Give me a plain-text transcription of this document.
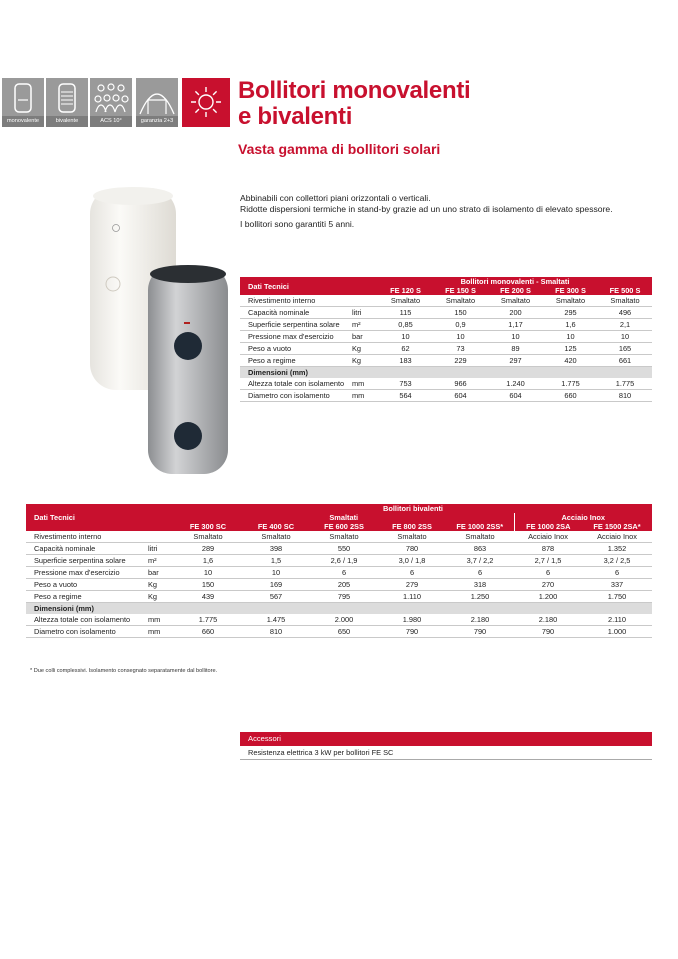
monovalente	bivalente	ACS 10°	garanzia 2+3
Bollitori monovalenti
e bivalenti
Vasta gamma di bollitori solari

Abbinabili con collettori piani orizzontali o verticali.

Ridotte dispersioni termiche in stand-by grazie ad un uno strato di isolamento di elevato spessore.

I bollitori sono garantiti 5 anni.

Dati Tecnici		Bollitori monovalenti - Smaltati				
		FE 120 S	FE 150 S	FE 200 S	FE 300 S	FE 500 S
Rivestimento interno		Smaltato	Smaltato	Smaltato	Smaltato	Smaltato
Capacità nominale	litri	115	150	200	295	496
Superficie serpentina solare	m²	0,85	0,9	1,17	1,6	2,1
Pressione max d'esercizio	bar	10	10	10	10	10
Peso a vuoto	Kg	62	73	89	125	165
Peso a regime	Kg	183	229	297	420	661
Dimensioni (mm)						
Altezza totale con isolamento	mm	753	966	1.240	1.775	1.775
Diametro con isolamento	mm	564	604	604	660	810
Dati Tecnici		Bollitori bivalenti						
		Smaltati					Acciaio Inox	
		FE 300 SC	FE 400 SC	FE 600 2SS	FE 800 2SS	FE 1000 2SS*	FE 1000 2SA	FE 1500 2SA*
Rivestimento interno		Smaltato	Smaltato	Smaltato	Smaltato	Smaltato	Acciaio Inox	Acciaio Inox
Capacità nominale	litri	289	398	550	780	863	878	1.352
Superficie serpentina solare	m²	1,6	1,5	2,6 / 1,9	3,0 / 1,8	3,7 / 2,2	2,7 / 1,5	3,2 / 2,5
Pressione max d'esercizio	bar	10	10	6	6	6	6	6
Peso a vuoto	Kg	150	169	205	279	318	270	337
Peso a regime	Kg	439	567	795	1.110	1.250	1.200	1.750
Dimensioni (mm)								
Altezza totale con isolamento	mm	1.775	1.475	2.000	1.980	2.180	2.180	2.110
Diametro con isolamento	mm	660	810	650	790	790	790	1.000
* Due colli complessivi. Isolamento consegnato separatamente dal bollitore.
Accessori
Resistenza elettrica 3 kW per bollitori FE SC
